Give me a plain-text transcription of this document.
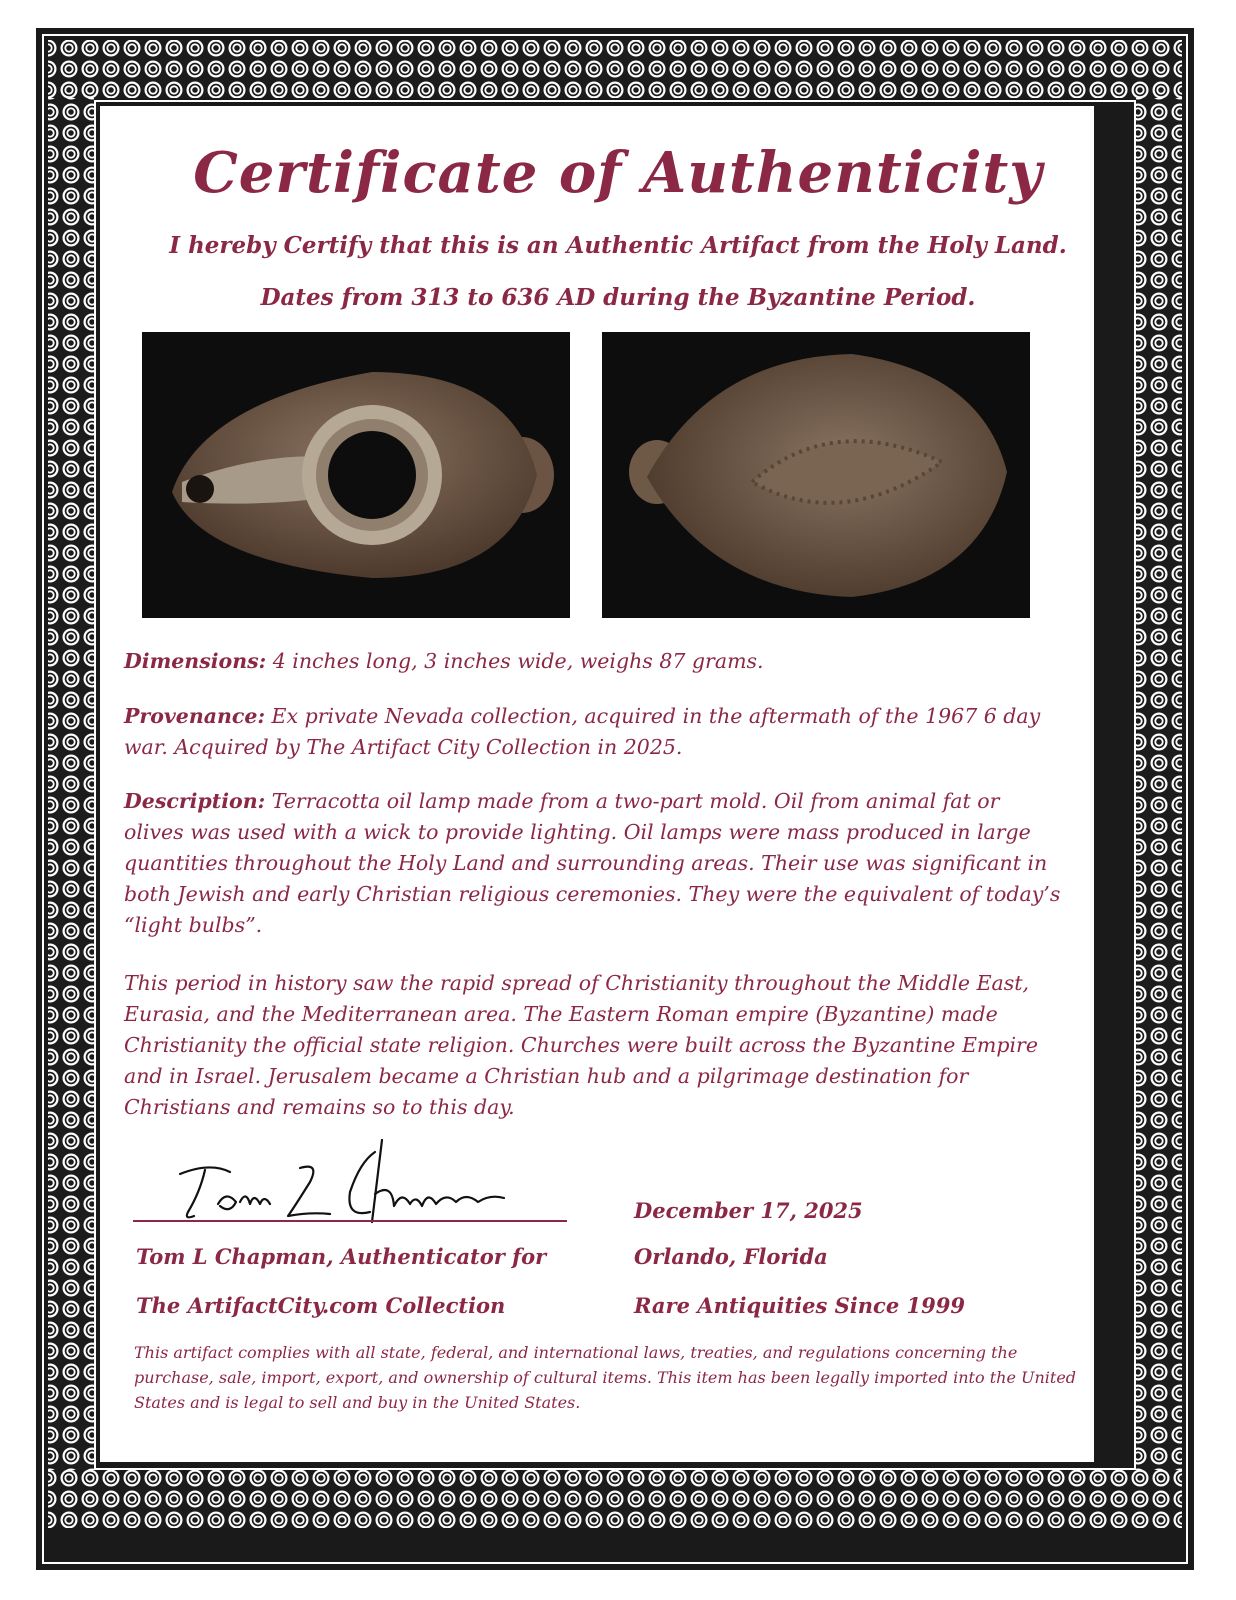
Certificate of Authenticity
I hereby Certify that this is an Authentic Artifact from the Holy Land.
Dates from 313 to 636 AD during the Byzantine Period.
Dimensions: 4 inches long, 3 inches wide, weighs 87 grams.
Provenance: Ex private Nevada collection, acquired in the aftermath of the 1967 6 day war. Acquired by The Artifact City Collection in 2025.
Description: Terracotta oil lamp made from a two-part mold. Oil from animal fat or olives was used with a wick to provide lighting. Oil lamps were mass produced in large quantities throughout the Holy Land and surrounding areas. Their use was significant in both Jewish and early Christian religious ceremonies. They were the equivalent of today’s “light bulbs”.
This period in history saw the rapid spread of Christianity throughout the Middle East, Eurasia, and the Mediterranean area. The Eastern Roman empire (Byzantine) made Christianity the official state religion. Churches were built across the Byzantine Empire and in Israel. Jerusalem became a Christian hub and a pilgrimage destination for Christians and remains so to this day.
Tom L Chapman, Authenticator for
The ArtifactCity.com Collection
December 17, 2025
Orlando, Florida
Rare Antiquities Since 1999
This artifact complies with all state, federal, and international laws, treaties, and regulations concerning the purchase, sale, import, export, and ownership of cultural items. This item has been legally imported into the United States and is legal to sell and buy in the United States.
